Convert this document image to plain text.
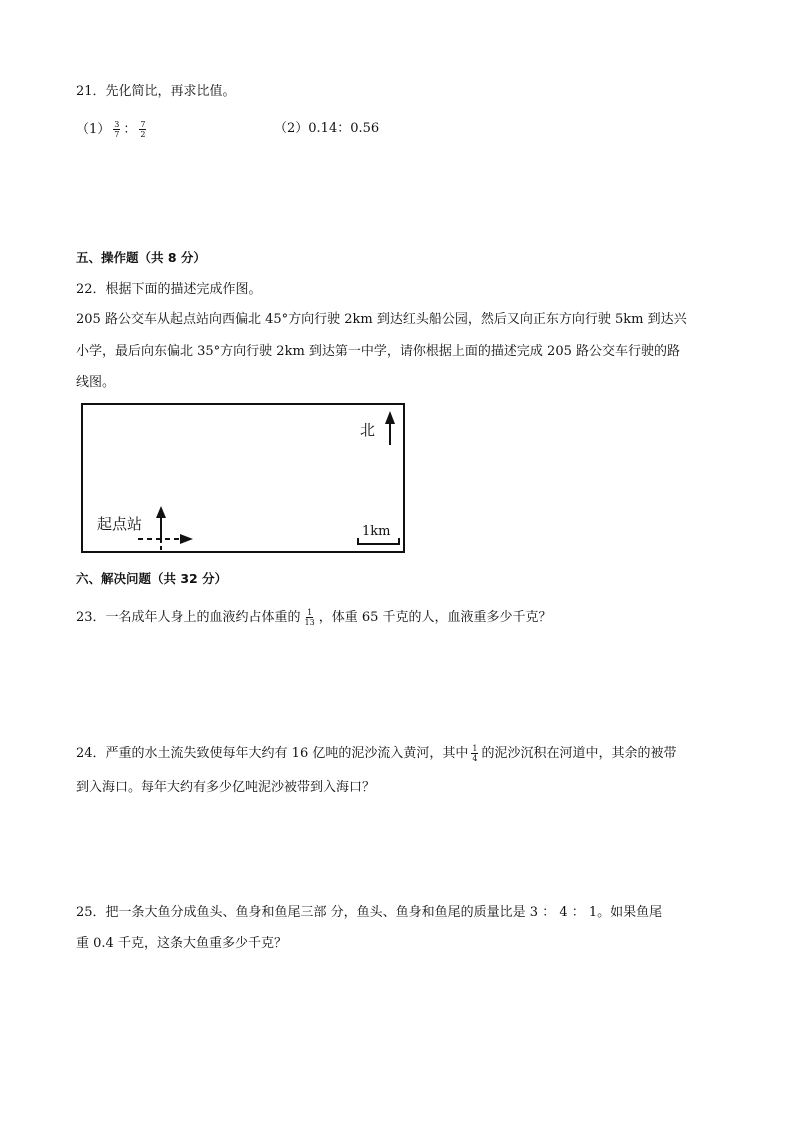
21．先化简比，再求比值。
$(1) \frac{3}{7}$ ： $\frac{7}{2}$	（2）0.14：0.56
五、操作题（共 8 分）
22．根据下面的描述完成作图。
205 路公交车从起点站向西偏北 45°方向行驶 2km 到达红头船公园，然后又向正东方向行驶 5km 到达兴
小学，最后向东偏北 35°方向行驶 2km 到达第一中学，请你根据上面的描述完成 205 路公交车行驶的路
线图。
北
起点站	1km
六、解决问题（共 32 分）
23．一名成年人身上的血液约占体重的 $\frac{1}{13}$ ，体重 65 千克的人，血液重多少千克？
24．严重的水土流失致使每年大约有 16 亿吨的泥沙流入黄河，其中 $\frac{1}{4}$ 的泥沙沉积在河道中，其余的被带
到入海口。每年大约有多少亿吨泥沙被带到入海口？
25．把一条大鱼分成鱼头、鱼身和鱼尾三部 分，鱼头、鱼身和鱼尾的质量比是 3 ： 4 ： 1。如果鱼尾
重 0.4 千克，这条大鱼重多少千克？
